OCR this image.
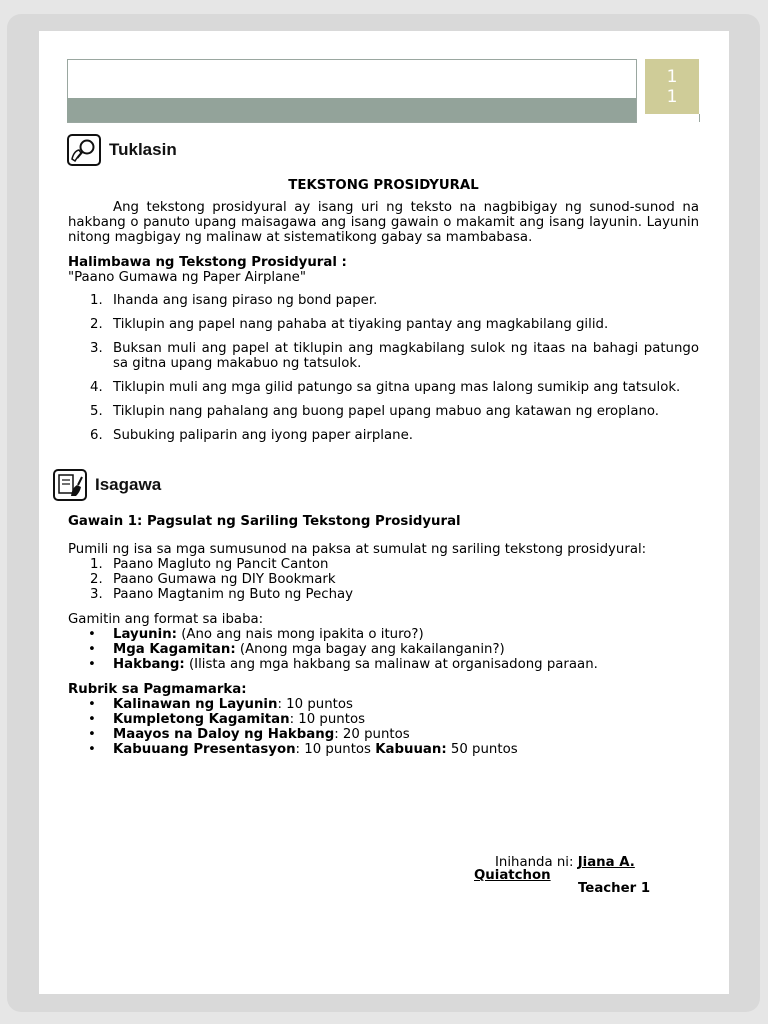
1 1
Tuklasin
TEKSTONG PROSIDYURAL
Ang tekstong prosidyural ay isang uri ng teksto na nagbibigay ng sunod-sunod na hakbang o panuto upang maisagawa ang isang gawain o makamit ang isang layunin. Layunin nitong magbigay ng malinaw at sistematikong gabay sa mambabasa.
Halimbawa ng Tekstong Prosidyural :
"Paano Gumawa ng Paper Airplane"
1. Ihanda ang isang piraso ng bond paper.
2. Tiklupin ang papel nang pahaba at tiyaking pantay ang magkabilang gilid.
3. Buksan muli ang papel at tiklupin ang magkabilang sulok ng itaas na bahagi patungo sa gitna upang makabuo ng tatsulok.
4. Tiklupin muli ang mga gilid patungo sa gitna upang mas lalong sumikip ang tatsulok.
5. Tiklupin nang pahalang ang buong papel upang mabuo ang katawan ng eroplano.
6. Subuking paliparin ang iyong paper airplane.
Isagawa
Gawain 1: Pagsulat ng Sariling Tekstong Prosidyural
Pumili ng isa sa mga sumusunod na paksa at sumulat ng sariling tekstong prosidyural:
1. Paano Magluto ng Pancit Canton
2. Paano Gumawa ng DIY Bookmark
3. Paano Magtanim ng Buto ng Pechay
Gamitin ang format sa ibaba:
• Layunin: (Ano ang nais mong ipakita o ituro?)
• Mga Kagamitan: (Anong mga bagay ang kakailanganin?)
• Hakbang: (Ilista ang mga hakbang sa malinaw at organisadong paraan.
Rubrik sa Pagmamarka:
• Kalinawan ng Layunin: 10 puntos
• Kumpletong Kagamitan: 10 puntos
• Maayos na Daloy ng Hakbang: 20 puntos
• Kabuuang Presentasyon: 10 puntos Kabuuan: 50 puntos
Inihanda ni: Jiana A.
Quiatchon
Teacher 1
